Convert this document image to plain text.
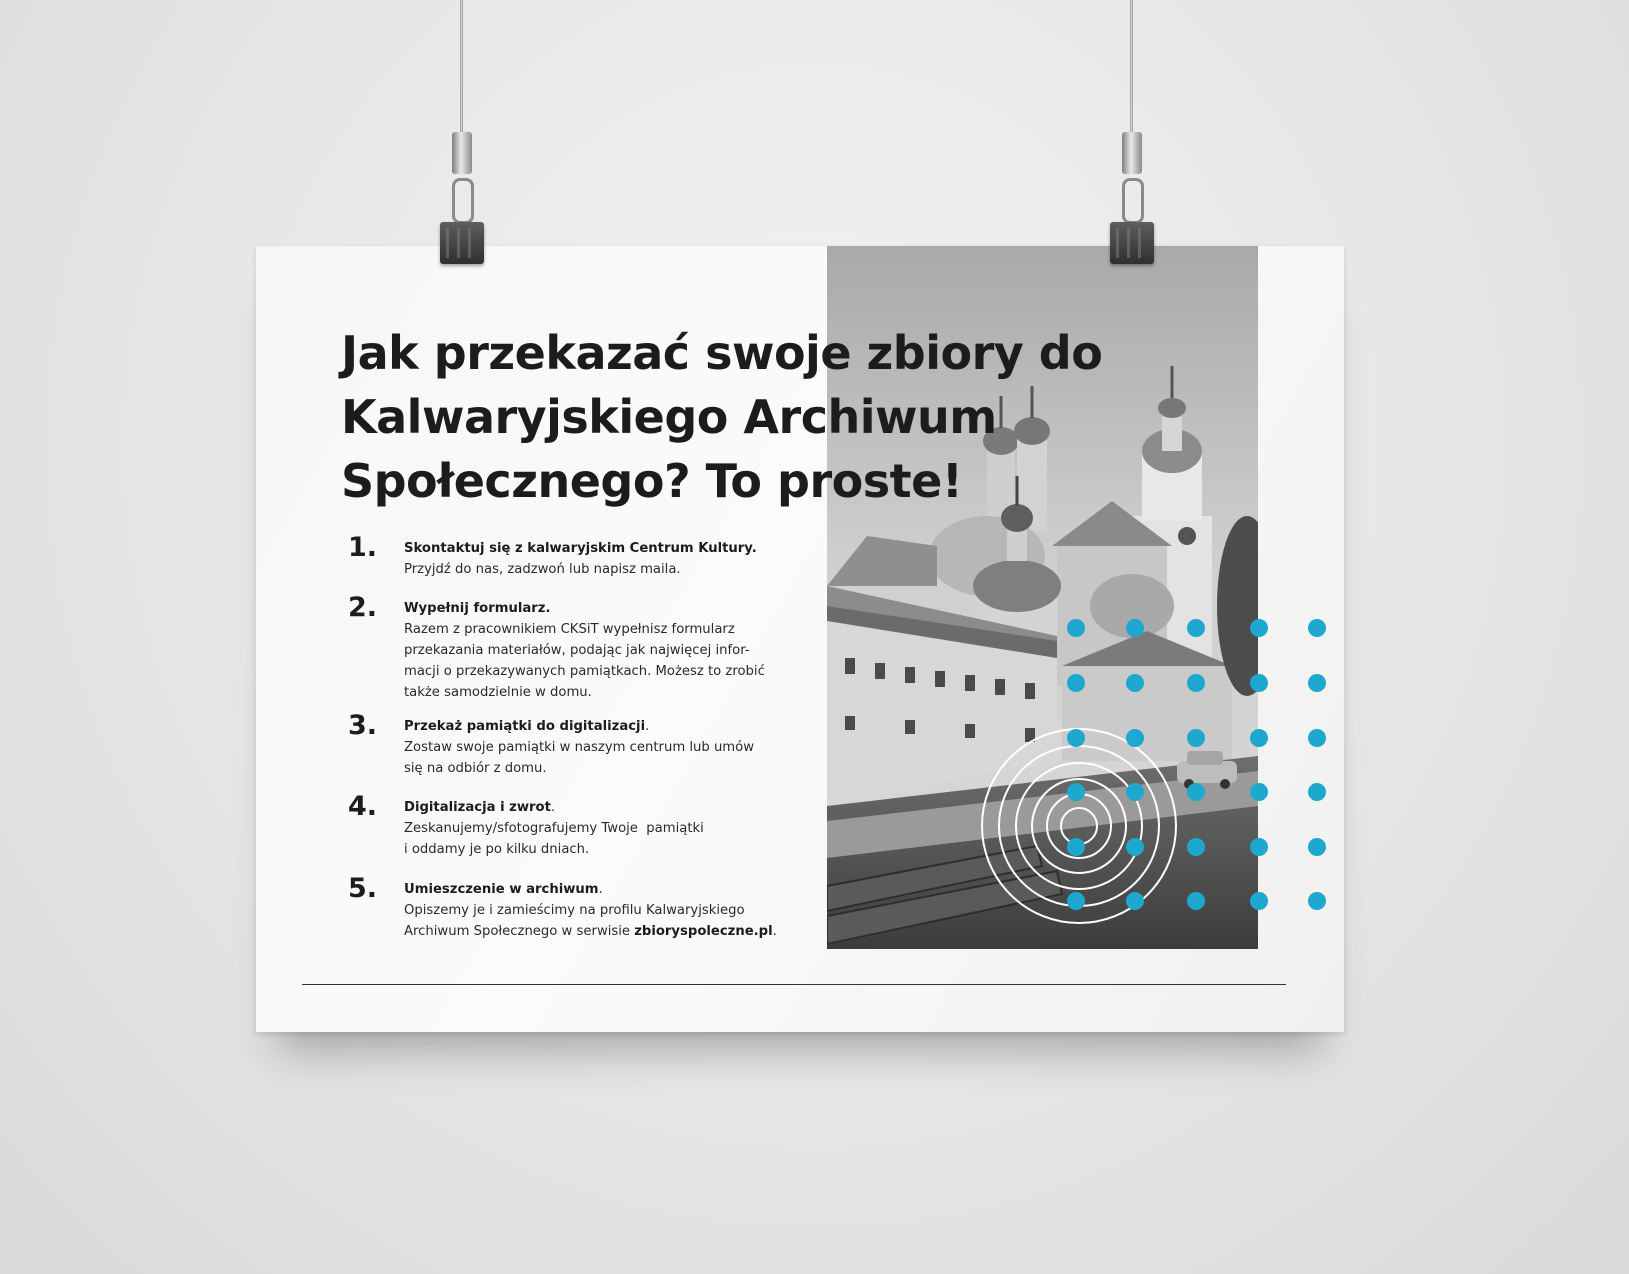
Jak przekazać swoje zbiory do
Kalwaryjskiego Archiwum
Społecznego? To proste!
1. Skontaktuj się z kalwaryjskim Centrum Kultury.
Przyjdź do nas, zadzwoń lub napisz maila.
2. Wypełnij formularz.
Razem z pracownikiem CKSiT wypełnisz formularz
przekazania materiałów, podając jak najwięcej infor-
macji o przekazywanych pamiątkach. Możesz to zrobić
także samodzielnie w domu.
3. Przekaż pamiątki do digitalizacji.
Zostaw swoje pamiątki w naszym centrum lub umów
się na odbiór z domu.
4. Digitalizacja i zwrot.
Zeskanujemy/sfotografujemy Twoje  pamiątki
i oddamy je po kilku dniach.
5. Umieszczenie w archiwum.
Opiszemy je i zamieścimy na profilu Kalwaryjskiego
Archiwum Społecznego w serwisie zbioryspoleczne.pl.
